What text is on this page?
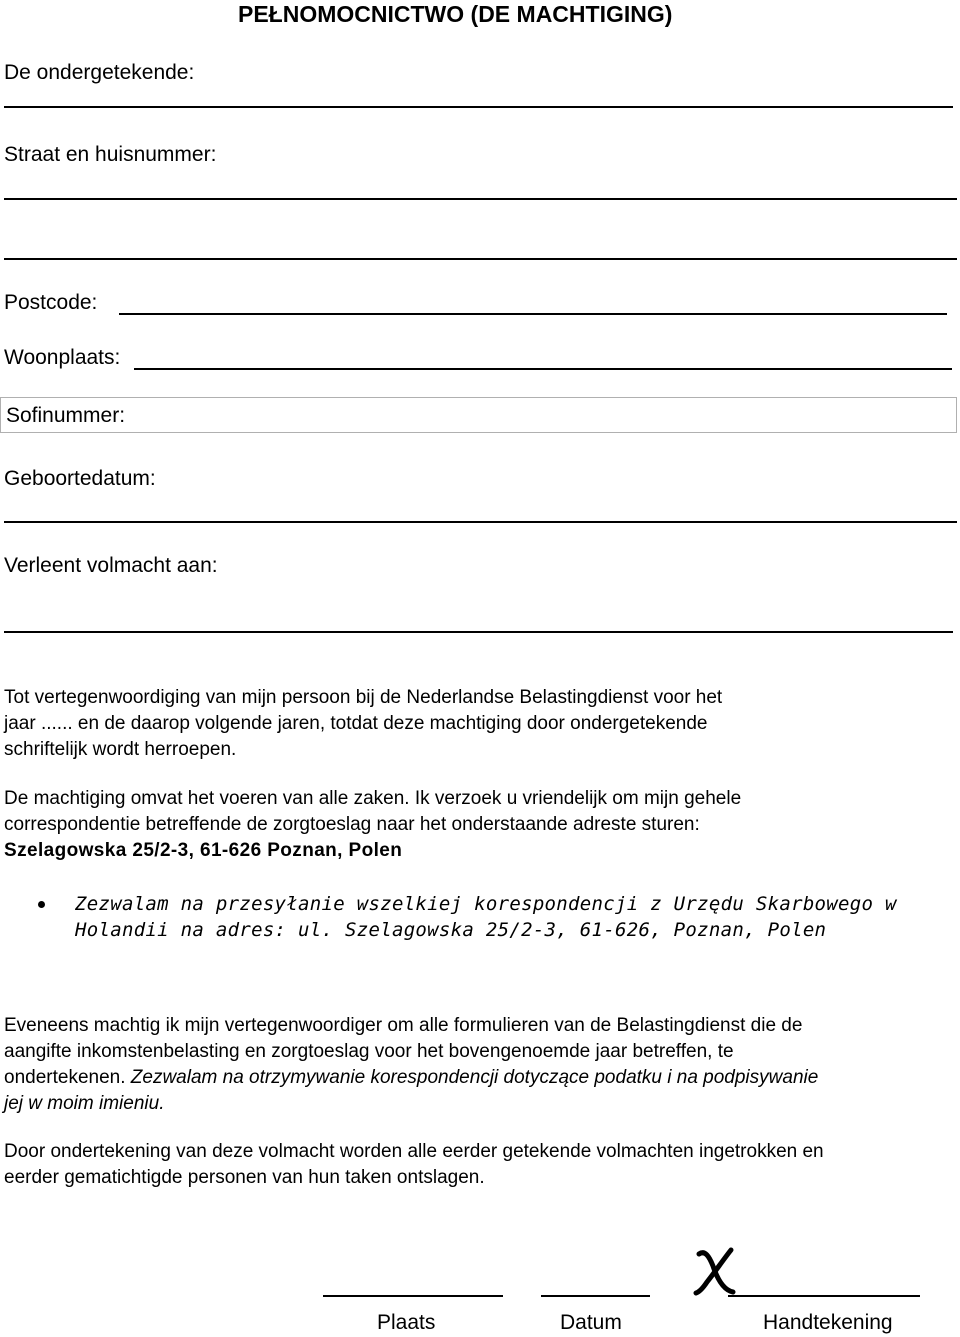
PEŁNOMOCNICTWO (DE MACHTIGING)
De ondergetekende:
Straat en huisnummer:
Postcode:
Woonplaats:
Sofinummer:
Geboortedatum:
Verleent volmacht aan:
Tot vertegenwoordiging van mijn persoon bij de Nederlandse Belastingdienst voor het
jaar ...... en de daarop volgende jaren, totdat deze machtiging door ondergetekende
schriftelijk wordt herroepen.
De machtiging omvat het voeren van alle zaken. Ik verzoek u vriendelijk om mijn gehele
correspondentie betreffende de zorgtoeslag naar het onderstaande adreste sturen:
Szelagowska 25/2-3, 61-626 Poznan, Polen
Zezwalam na przesyłanie wszelkiej korespondencji z Urzędu Skarbowego w
Holandii na adres: ul. Szelagowska 25/2-3, 61-626, Poznan, Polen
Eveneens machtig ik mijn vertegenwoordiger om alle formulieren van de Belastingdienst die de
aangifte inkomstenbelasting en zorgtoeslag voor het bovengenoemde jaar betreffen, te
ondertekenen. Zezwalam na otrzymywanie korespondencji dotyczące podatku i na podpisywanie
jej w moim imieniu.
Door ondertekening van deze volmacht worden alle eerder getekende volmachten ingetrokken en
eerder gematichtigde personen van hun taken ontslagen.
Plaats	Datum	Handtekening
